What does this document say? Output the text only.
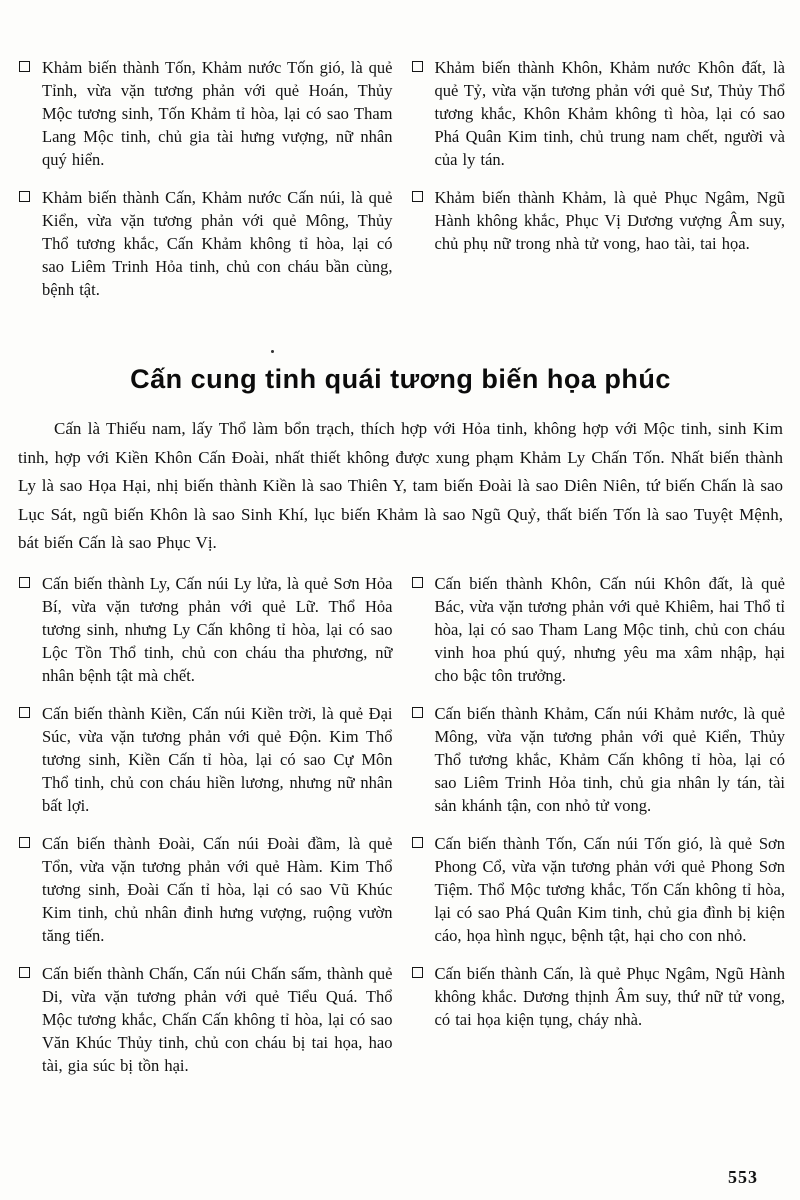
Khảm biến thành Tốn, Khảm nước Tốn gió, là quẻ Tỉnh, vừa vặn tương phản với quẻ Hoán, Thủy Mộc tương sinh, Tốn Khảm tỉ hòa, lại có sao Tham Lang Mộc tinh, chủ gia tài hưng vượng, nữ nhân quý hiển.
Khảm biến thành Cấn, Khảm nước Cấn núi, là quẻ Kiển, vừa vặn tương phản với quẻ Mông, Thủy Thổ tương khắc, Cấn Khảm không tỉ hòa, lại có sao Liêm Trinh Hỏa tinh, chủ con cháu bần cùng, bệnh tật.
Khảm biến thành Khôn, Khảm nước Khôn đất, là quẻ Tỷ, vừa vặn tương phản với quẻ Sư, Thủy Thổ tương khắc, Khôn Khảm không tì hòa, lại có sao Phá Quân Kim tinh, chủ trung nam chết, người và của ly tán.
Khảm biến thành Khảm, là quẻ Phục Ngâm, Ngũ Hành không khắc, Phục Vị Dương vượng Âm suy, chủ phụ nữ trong nhà tử vong, hao tài, tai họa.
Cấn cung tinh quái tương biến họa phúc
Cấn là Thiếu nam, lấy Thổ làm bổn trạch, thích hợp với Hỏa tinh, không hợp với Mộc tinh, sinh Kim tinh, hợp với Kiền Khôn Cấn Đoài, nhất thiết không được xung phạm Khảm Ly Chấn Tốn. Nhất biến thành Ly là sao Họa Hại, nhị biến thành Kiền là sao Thiên Y, tam biến Đoài là sao Diên Niên, tứ biến Chấn là sao Lục Sát, ngũ biến Khôn là sao Sinh Khí, lục biến Khảm là sao Ngũ Quỷ, thất biến Tốn là sao Tuyệt Mệnh, bát biến Cấn là sao Phục Vị.
Cấn biến thành Ly, Cấn núi Ly lửa, là quẻ Sơn Hỏa Bí, vừa vặn tương phản với quẻ Lữ. Thổ Hỏa tương sinh, nhưng Ly Cấn không tỉ hòa, lại có sao Lộc Tồn Thổ tinh, chủ con cháu tha phương, nữ nhân bệnh tật mà chết.
Cấn biến thành Kiền, Cấn núi Kiền trời, là quẻ Đại Súc, vừa vặn tương phản với quẻ Độn. Kim Thổ tương sinh, Kiền Cấn tỉ hòa, lại có sao Cự Môn Thổ tinh, chủ con cháu hiền lương, nhưng nữ nhân bất lợi.
Cấn biến thành Đoài, Cấn núi Đoài đầm, là quẻ Tổn, vừa vặn tương phản với quẻ Hàm. Kim Thổ tương sinh, Đoài Cấn tỉ hòa, lại có sao Vũ Khúc Kim tinh, chủ nhân đinh hưng vượng, ruộng vườn tăng tiến.
Cấn biến thành Chấn, Cấn núi Chấn sấm, thành quẻ Di, vừa vặn tương phản với quẻ Tiểu Quá. Thổ Mộc tương khắc, Chấn Cấn không tỉ hòa, lại có sao Văn Khúc Thủy tinh, chủ con cháu bị tai họa, hao tài, gia súc bị tồn hại.
Cấn biến thành Khôn, Cấn núi Khôn đất, là quẻ Bác, vừa vặn tương phản với quẻ Khiêm, hai Thổ tỉ hòa, lại có sao Tham Lang Mộc tinh, chủ con cháu vinh hoa phú quý, nhưng yêu ma xâm nhập, hại cho bậc tôn trưởng.
Cấn biến thành Khảm, Cấn núi Khảm nước, là quẻ Mông, vừa vặn tương phản với quẻ Kiển, Thủy Thổ tương khắc, Khảm Cấn không tỉ hòa, lại có sao Liêm Trinh Hỏa tinh, chủ gia nhân ly tán, tài sản khánh tận, con nhỏ tử vong.
Cấn biến thành Tốn, Cấn núi Tốn gió, là quẻ Sơn Phong Cổ, vừa vặn tương phản với quẻ Phong Sơn Tiệm. Thổ Mộc tương khắc, Tốn Cấn không tỉ hòa, lại có sao Phá Quân Kim tinh, chủ gia đình bị kiện cáo, họa hình ngục, bệnh tật, hại cho con nhỏ.
Cấn biến thành Cấn, là quẻ Phục Ngâm, Ngũ Hành không khắc. Dương thịnh Âm suy, thứ nữ tử vong, có tai họa kiện tụng, cháy nhà.
553
